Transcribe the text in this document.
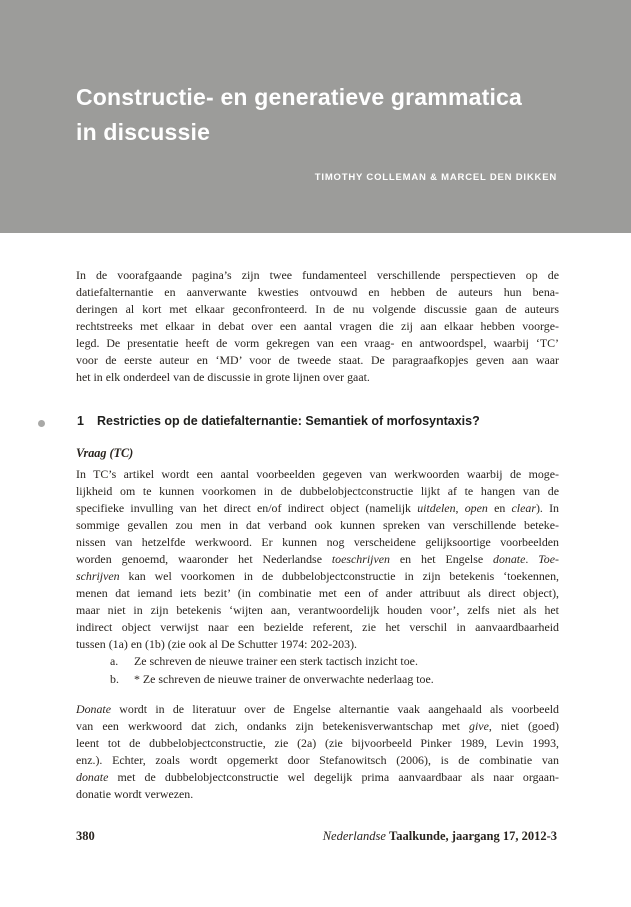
Constructie- en generatieve grammatica
in discussie
TIMOTHY COLLEMAN & MARCEL DEN DIKKEN
In de voorafgaande pagina’s zijn twee fundamenteel verschillende perspectieven op de
datiefalternantie en aanverwante kwesties ontvouwd en hebben de auteurs hun bena-
deringen al kort met elkaar geconfronteerd. In de nu volgende discussie gaan de auteurs
rechtstreeks met elkaar in debat over een aantal vragen die zij aan elkaar hebben voorge-
legd. De presentatie heeft de vorm gekregen van een vraag- en antwoordspel, waarbij ‘TC’
voor de eerste auteur en ‘MD’ voor de tweede staat. De paragraafkopjes geven aan waar
het in elk onderdeel van de discussie in grote lijnen over gaat.
1	Restricties op de datiefalternantie: Semantiek of morfosyntaxis?
Vraag (TC)
In TC’s artikel wordt een aantal voorbeelden gegeven van werkwoorden waarbij de moge-
lijkheid om te kunnen voorkomen in de dubbelobjectconstructie lijkt af te hangen van de
specifieke invulling van het direct en/of indirect object (namelijk uitdelen, open en clear). In
sommige gevallen zou men in dat verband ook kunnen spreken van verschillende beteke-
nissen van hetzelfde werkwoord. Er kunnen nog verscheidene gelijksoortige voorbeelden
worden genoemd, waaronder het Nederlandse toeschrijven en het Engelse donate. Toe-
schrijven kan wel voorkomen in de dubbelobjectconstructie in zijn betekenis ‘toekennen,
menen dat iemand iets bezit’ (in combinatie met een of ander attribuut als direct object),
maar niet in zijn betekenis ‘wijten aan, verantwoordelijk houden voor’, zelfs niet als het
indirect object verwijst naar een bezielde referent, zie het verschil in aanvaardbaarheid
tussen (1a) en (1b) (zie ook al De Schutter 1974: 202-203).
a.	Ze schreven de nieuwe trainer een sterk tactisch inzicht toe.
b.	* Ze schreven de nieuwe trainer de onverwachte nederlaag toe.
Donate wordt in de literatuur over de Engelse alternantie vaak aangehaald als voorbeeld
van een werkwoord dat zich, ondanks zijn betekenisverwantschap met give, niet (goed)
leent tot de dubbelobjectconstructie, zie (2a) (zie bijvoorbeeld Pinker 1989, Levin 1993,
enz.). Echter, zoals wordt opgemerkt door Stefanowitsch (2006), is de combinatie van
donate met de dubbelobjectconstructie wel degelijk prima aanvaardbaar als naar orgaan-
donatie wordt verwezen.
380	Nederlandse Taalkunde, jaargang 17, 2012-3
